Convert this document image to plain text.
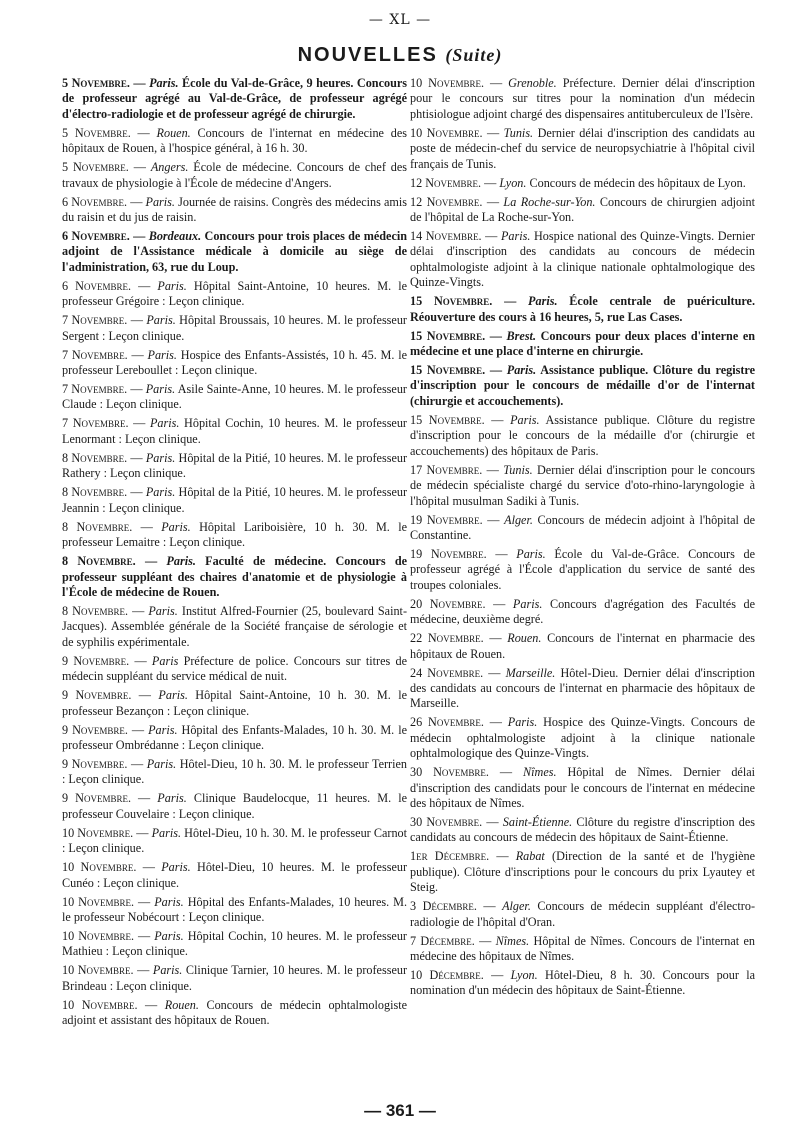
— XL —
NOUVELLES (Suite)

5 Novembre. — Paris. École du Val-de-Grâce, 9 heures. Concours de professeur agrégé au Val-de-Grâce, de professeur agrégé d'électro-radiologie et de professeur agrégé de chirurgie.

5 Novembre. — Rouen. Concours de l'internat en médecine des hôpitaux de Rouen, à l'hospice général, à 16 h. 30.

5 Novembre. — Angers. École de médecine. Concours de chef des travaux de physiologie à l'École de médecine d'Angers.

6 Novembre. — Paris. Journée de raisins. Congrès des médecins amis du raisin et du jus de raisin.

6 Novembre. — Bordeaux. Concours pour trois places de médecin adjoint de l'Assistance médicale à domicile au siège de l'administration, 63, rue du Loup.

6 Novembre. — Paris. Hôpital Saint-Antoine, 10 heures. M. le professeur Grégoire : Leçon clinique.

7 Novembre. — Paris. Hôpital Broussais, 10 heures. M. le professeur Sergent : Leçon clinique.

7 Novembre. — Paris. Hospice des Enfants-Assistés, 10 h. 45. M. le professeur Lereboullet : Leçon clinique.

7 Novembre. — Paris. Asile Sainte-Anne, 10 heures. M. le professeur Claude : Leçon clinique.

7 Novembre. — Paris. Hôpital Cochin, 10 heures. M. le professeur Lenormant : Leçon clinique.

8 Novembre. — Paris. Hôpital de la Pitié, 10 heures. M. le professeur Rathery : Leçon clinique.

8 Novembre. — Paris. Hôpital de la Pitié, 10 heures. M. le professeur Jeannin : Leçon clinique.

8 Novembre. — Paris. Hôpital Lariboisière, 10 h. 30. M. le professeur Lemaitre : Leçon clinique.

8 Novembre. — Paris. Faculté de médecine. Concours de professeur suppléant des chaires d'anatomie et de physiologie à l'École de médecine de Rouen.

8 Novembre. — Paris. Institut Alfred-Fournier (25, boulevard Saint-Jacques). Assemblée générale de la Société française de sérologie et de syphilis expérimentale.

9 Novembre. — Paris Préfecture de police. Concours sur titres de médecin suppléant du service médical de nuit.

9 Novembre. — Paris. Hôpital Saint-Antoine, 10 h. 30. M. le professeur Bezançon : Leçon clinique.

9 Novembre. — Paris. Hôpital des Enfants-Malades, 10 h. 30. M. le professeur Ombrédanne : Leçon clinique.

9 Novembre. — Paris. Hôtel-Dieu, 10 h. 30. M. le professeur Terrien : Leçon clinique.

9 Novembre. — Paris. Clinique Baudelocque, 11 heures. M. le professeur Couvelaire : Leçon clinique.

10 Novembre. — Paris. Hôtel-Dieu, 10 h. 30. M. le professeur Carnot : Leçon clinique.

10 Novembre. — Paris. Hôtel-Dieu, 10 heures. M. le professeur Cunéo : Leçon clinique.

10 Novembre. — Paris. Hôpital des Enfants-Malades, 10 heures. M. le professeur Nobécourt : Leçon clinique.

10 Novembre. — Paris. Hôpital Cochin, 10 heures. M. le professeur Mathieu : Leçon clinique.

10 Novembre. — Paris. Clinique Tarnier, 10 heures. M. le professeur Brindeau : Leçon clinique.

10 Novembre. — Rouen. Concours de médecin ophtalmologiste adjoint et assistant des hôpitaux de Rouen.

10 Novembre. — Grenoble. Préfecture. Dernier délai d'inscription pour le concours sur titres pour la nomination d'un médecin phtisiologue adjoint chargé des dispensaires antituberculeux de l'Isère.

10 Novembre. — Tunis. Dernier délai d'inscription des candidats au poste de médecin-chef du service de neuropsychiatrie à l'hôpital civil français de Tunis.

12 Novembre. — Lyon. Concours de médecin des hôpitaux de Lyon.

12 Novembre. — La Roche-sur-Yon. Concours de chirurgien adjoint de l'hôpital de La Roche-sur-Yon.

14 Novembre. — Paris. Hospice national des Quinze-Vingts. Dernier délai d'inscription des candidats au concours de médecin ophtalmologiste adjoint à la clinique nationale ophtalmologique des Quinze-Vingts.

15 Novembre. — Paris. École centrale de puériculture. Réouverture des cours à 16 heures, 5, rue Las Cases.

15 Novembre. — Brest. Concours pour deux places d'interne en médecine et une place d'interne en chirurgie.

15 Novembre. — Paris. Assistance publique. Clôture du registre d'inscription pour le concours de médaille d'or de l'internat (chirurgie et accouchements).

15 Novembre. — Paris. Assistance publique. Clôture du registre d'inscription pour le concours de la médaille d'or (chirurgie et accouchements) des hôpitaux de Paris.

17 Novembre. — Tunis. Dernier délai d'inscription pour le concours de médecin spécialiste chargé du service d'oto-rhino-laryngologie à l'hôpital musulman Sadiki à Tunis.

19 Novembre. — Alger. Concours de médecin adjoint à l'hôpital de Constantine.

19 Novembre. — Paris. École du Val-de-Grâce. Concours de professeur agrégé à l'École d'application du service de santé des troupes coloniales.

20 Novembre. — Paris. Concours d'agrégation des Facultés de médecine, deuxième degré.

22 Novembre. — Rouen. Concours de l'internat en pharmacie des hôpitaux de Rouen.

24 Novembre. — Marseille. Hôtel-Dieu. Dernier délai d'inscription des candidats au concours de l'internat en pharmacie des hôpitaux de Marseille.

26 Novembre. — Paris. Hospice des Quinze-Vingts. Concours de médecin ophtalmologiste adjoint à la clinique nationale ophtalmologique des Quinze-Vingts.

30 Novembre. — Nîmes. Hôpital de Nîmes. Dernier délai d'inscription des candidats pour le concours de l'internat en médecine des hôpitaux de Nîmes.

30 Novembre. — Saint-Étienne. Clôture du registre d'inscription des candidats au concours de médecin des hôpitaux de Saint-Étienne.

1er Décembre. — Rabat (Direction de la santé et de l'hygiène publique). Clôture d'inscriptions pour le concours du prix Lyautey et Steig.

3 Décembre. — Alger. Concours de médecin suppléant d'électro-radiologie de l'hôpital d'Oran.

7 Décembre. — Nîmes. Hôpital de Nîmes. Concours de l'internat en médecine des hôpitaux de Nîmes.

10 Décembre. — Lyon. Hôtel-Dieu, 8 h. 30. Concours pour la nomination d'un médecin des hôpitaux de Saint-Étienne.

— 361 —
